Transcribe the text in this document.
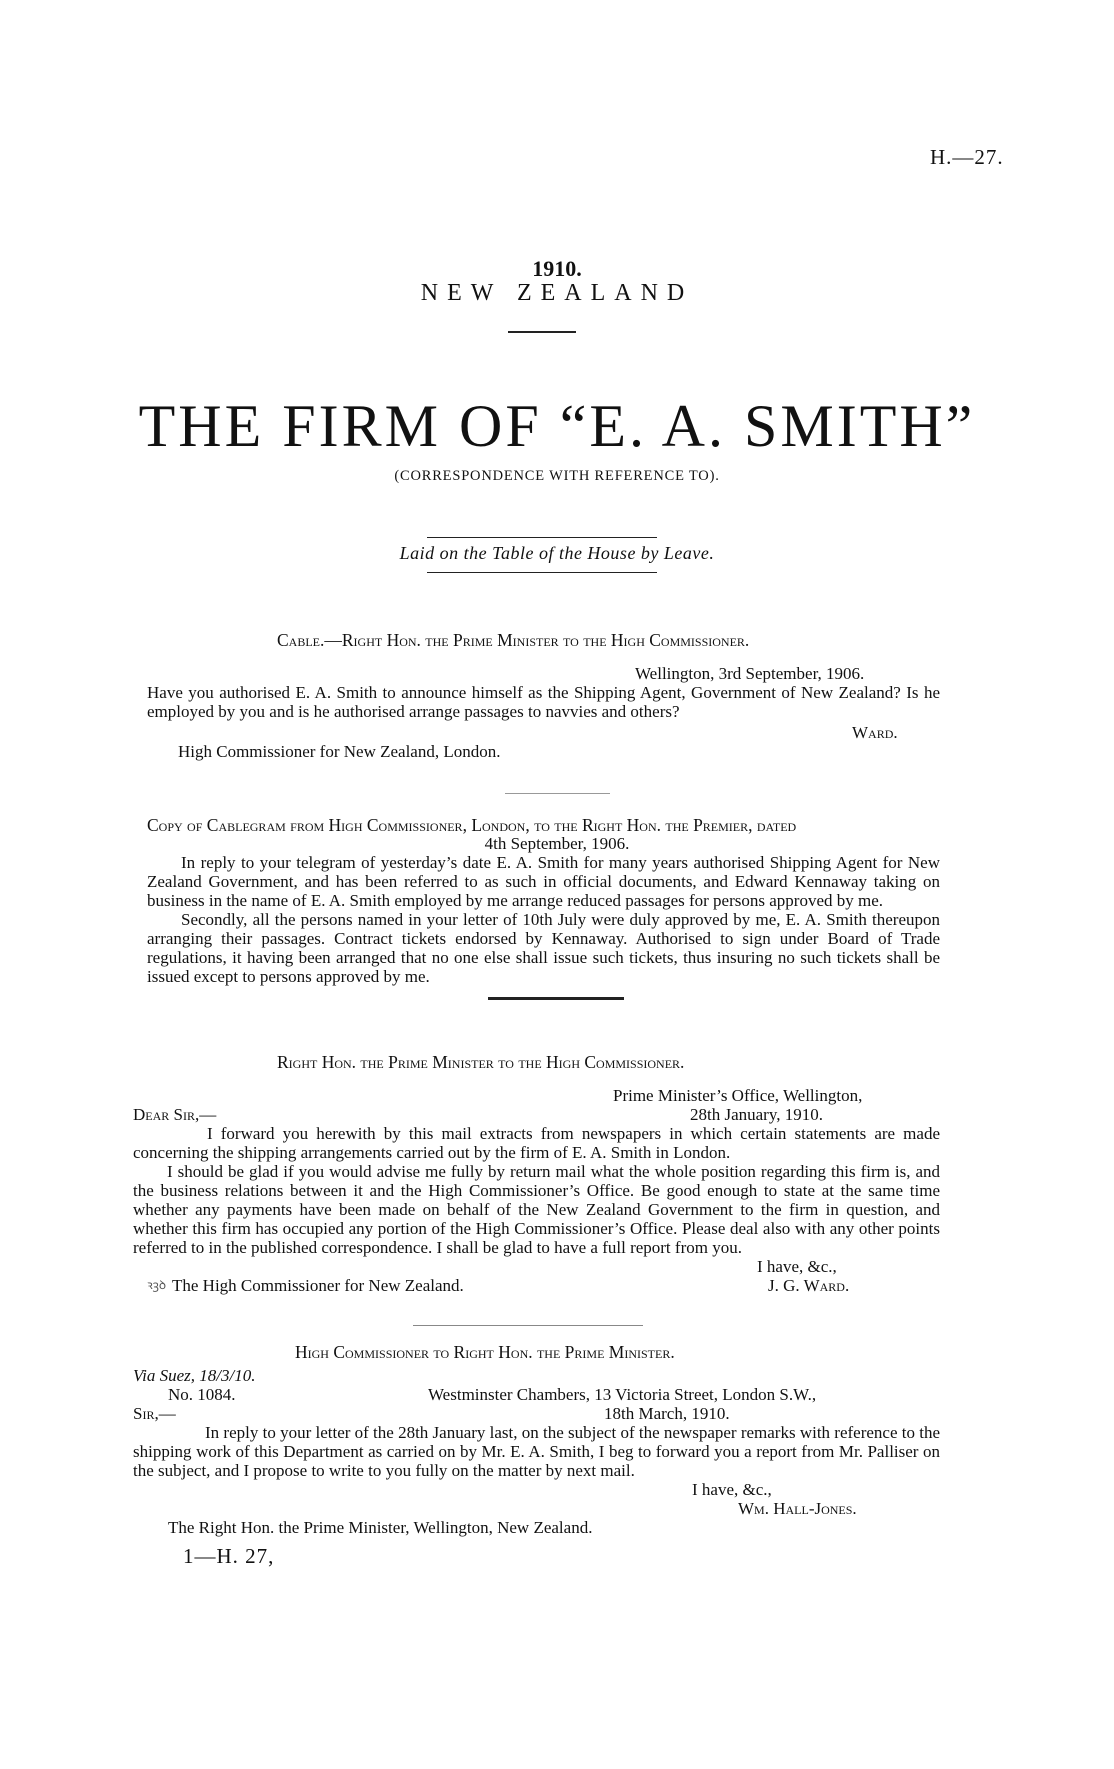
H.—27.
1910.
NEW ZEALAND
THE FIRM OF “E. A. SMITH”
(CORRESPONDENCE WITH REFERENCE TO).
Laid on the Table of the House by Leave.
Cable.—Right Hon. the Prime Minister to the High Commissioner.
Wellington, 3rd September, 1906.

Have you authorised E. A. Smith to announce himself as the Shipping Agent, Government of New Zealand? Is he employed by you and is he authorised arrange passages to navvies and others?

Ward.
High Commissioner for New Zealand, London.
Copy of Cablegram from High Commissioner, London, to the Right Hon. the Premier, dated
4th September, 1906.

In reply to your telegram of yesterday’s date E. A. Smith for many years authorised Shipping Agent for New Zealand Government, and has been referred to as such in official documents, and Edward Kennaway taking on business in the name of E. A. Smith employed by me arrange reduced passages for persons approved by me.

Secondly, all the persons named in your letter of 10th July were duly approved by me, E. A. Smith thereupon arranging their passages. Contract tickets endorsed by Kennaway. Authorised to sign under Board of Trade regulations, it having been arranged that no one else shall issue such tickets, thus insuring no such tickets shall be issued except to persons approved by me.

Right Hon. the Prime Minister to the High Commissioner.
Prime Minister’s Office, Wellington,
Dear Sir,—	28th January, 1910.

I forward you herewith by this mail extracts from newspapers in which certain statements are made concerning the shipping arrangements carried out by the firm of E. A. Smith in London.

I should be glad if you would advise me fully by return mail what the whole position regarding this firm is, and the business relations between it and the High Commissioner’s Office. Be good enough to state at the same time whether any payments have been made on behalf of the New Zealand Government to the firm in question, and whether this firm has occupied any portion of the High Commissioner’s Office. Please deal also with any other points referred to in the published correspondence. I shall be glad to have a full report from you.

I have, &c.,
ꝛꝫꝺ The High Commissioner for New Zealand.	J. G. Ward.
High Commissioner to Right Hon. the Prime Minister.
Via Suez, 18/3/10.
No. 1084.	Westminster Chambers, 13 Victoria Street, London S.W.,
Sir,—	18th March, 1910.

In reply to your letter of the 28th January last, on the subject of the newspaper remarks with reference to the shipping work of this Department as carried on by Mr. E. A. Smith, I beg to forward you a report from Mr. Palliser on the subject, and I propose to write to you fully on the matter by next mail.

I have, &c.,
Wm. Hall-Jones.
The Right Hon. the Prime Minister, Wellington, New Zealand.
1—H. 27,
